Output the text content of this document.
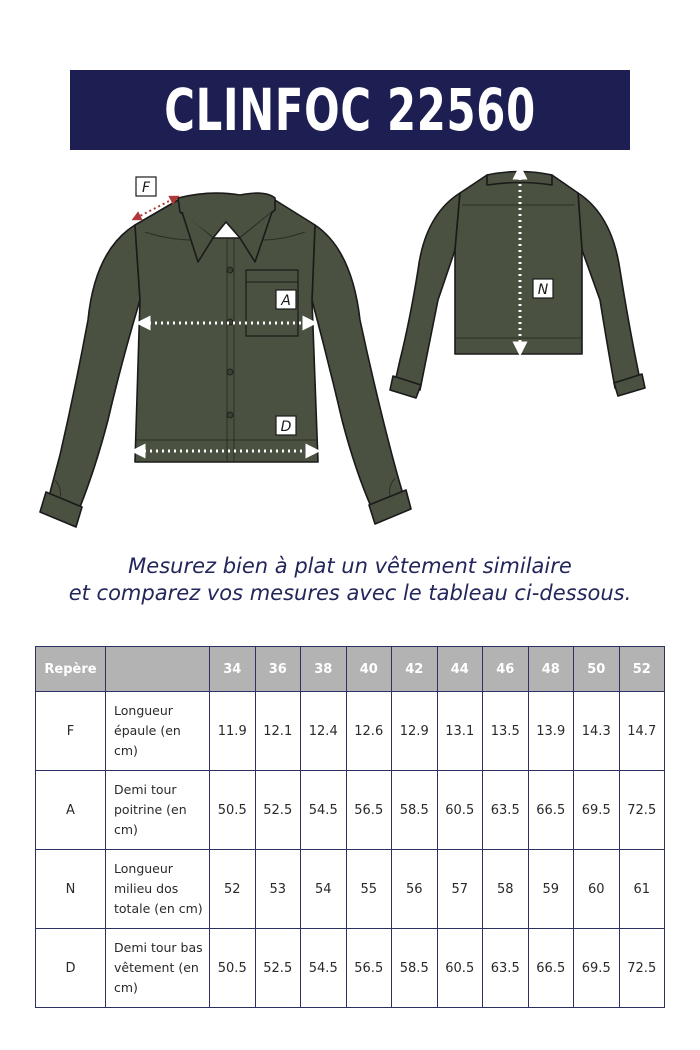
CLINFOC 22560
F
A
D
N
Mesurez bien à plat un vêtement similaire
et comparez vos mesures avec le tableau ci-dessous.
Repère		34	36	38	40	42	44	46	48	50	52
F	Longueur épaule (en cm)	11.9	12.1	12.4	12.6	12.9	13.1	13.5	13.9	14.3	14.7
A	Demi tour poitrine (en cm)	50.5	52.5	54.5	56.5	58.5	60.5	63.5	66.5	69.5	72.5
N	Longueur milieu dos totale (en cm)	52	53	54	55	56	57	58	59	60	61
D	Demi tour bas vêtement (en cm)	50.5	52.5	54.5	56.5	58.5	60.5	63.5	66.5	69.5	72.5
